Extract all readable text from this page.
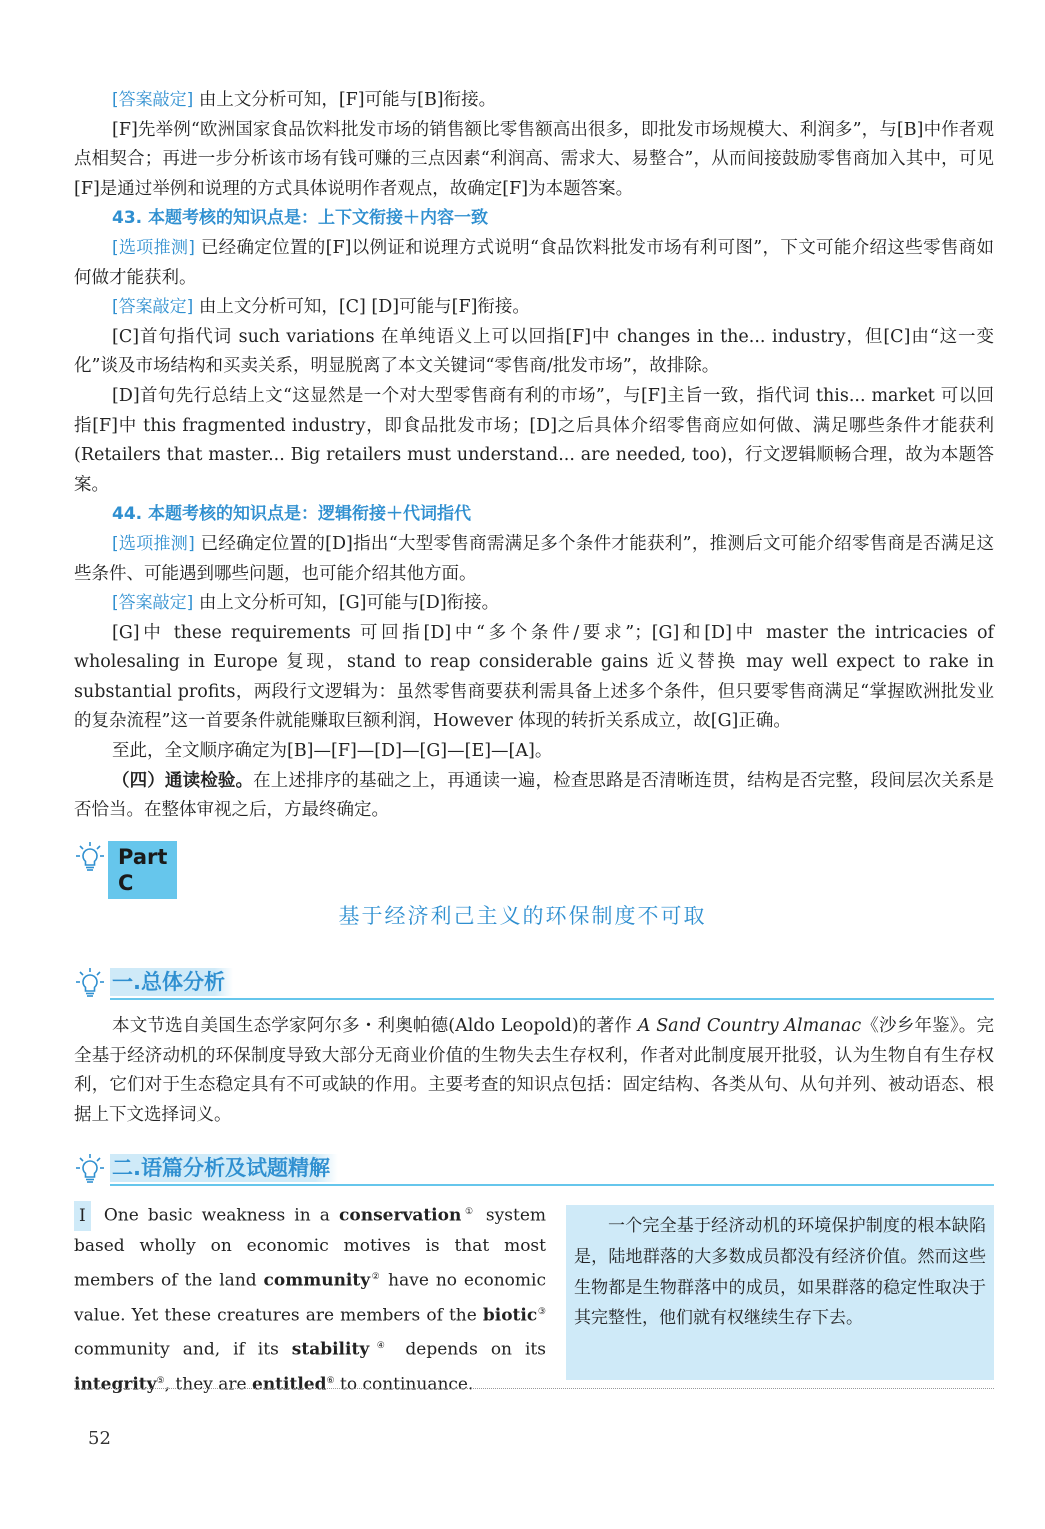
[答案敲定] 由上文分析可知，[F]可能与[B]衔接。

[F]先举例“欧洲国家食品饮料批发市场的销售额比零售额高出很多，即批发市场规模大、利润多”，与[B]中作者观点相契合；再进一步分析该市场有钱可赚的三点因素“利润高、需求大、易整合”，从而间接鼓励零售商加入其中，可见[F]是通过举例和说理的方式具体说明作者观点，故确定[F]为本题答案。

43. 本题考核的知识点是：上下文衔接＋内容一致

[选项推测] 已经确定位置的[F]以例证和说理方式说明“食品饮料批发市场有利可图”，下文可能介绍这些零售商如何做才能获利。

[答案敲定] 由上文分析可知，[C] [D]可能与[F]衔接。

[C]首句指代词 such variations 在单纯语义上可以回指[F]中 changes in the... industry，但[C]由“这一变化”谈及市场结构和买卖关系，明显脱离了本文关键词“零售商/批发市场”，故排除。

[D]首句先行总结上文“这显然是一个对大型零售商有利的市场”，与[F]主旨一致，指代词 this... market 可以回指[F]中 this fragmented industry，即食品批发市场；[D]之后具体介绍零售商应如何做、满足哪些条件才能获利(Retailers that master... Big retailers must understand... are needed, too)，行文逻辑顺畅合理，故为本题答案。

44. 本题考核的知识点是：逻辑衔接＋代词指代

[选项推测] 已经确定位置的[D]指出“大型零售商需满足多个条件才能获利”，推测后文可能介绍零售商是否满足这些条件、可能遇到哪些问题，也可能介绍其他方面。

[答案敲定] 由上文分析可知，[G]可能与[D]衔接。

[G]中 these requirements 可回指[D]中“多个条件/要求”；[G]和[D]中 master the intricacies of wholesaling in Europe 复现，stand to reap considerable gains 近义替换 may well expect to rake in substantial profits，两段行文逻辑为：虽然零售商要获利需具备上述多个条件，但只要零售商满足“掌握欧洲批发业的复杂流程”这一首要条件就能赚取巨额利润，However 体现的转折关系成立，故[G]正确。

至此，全文顺序确定为[B]—[F]—[D]—[G]—[E]—[A]。

（四）通读检验。在上述排序的基础之上，再通读一遍，检查思路是否清晰连贯，结构是否完整，段间层次关系是否恰当。在整体审视之后，方最终确定。

Part C
基于经济利己主义的环保制度不可取
一.总体分析

本文节选自美国生态学家阿尔多・利奥帕德(Aldo Leopold)的著作 A Sand Country Almanac《沙乡年鉴》。完全基于经济动机的环保制度导致大部分无商业价值的生物失去生存权利，作者对此制度展开批驳，认为生物自有生存权利，它们对于生态稳定具有不可或缺的作用。主要考查的知识点包括：固定结构、各类从句、从句并列、被动语态、根据上下文选择词义。

二.语篇分析及试题精解
I One basic weakness in a conservation① system based wholly on economic motives is that most members of the land community② have no economic value. Yet these creatures are members of the biotic③ community and, if its stability④ depends on its integrity⑤, they are entitled⑥ to continuance.
一个完全基于经济动机的环境保护制度的根本缺陷是，陆地群落的大多数成员都没有经济价值。然而这些生物都是生物群落中的成员，如果群落的稳定性取决于其完整性，他们就有权继续生存下去。
52
